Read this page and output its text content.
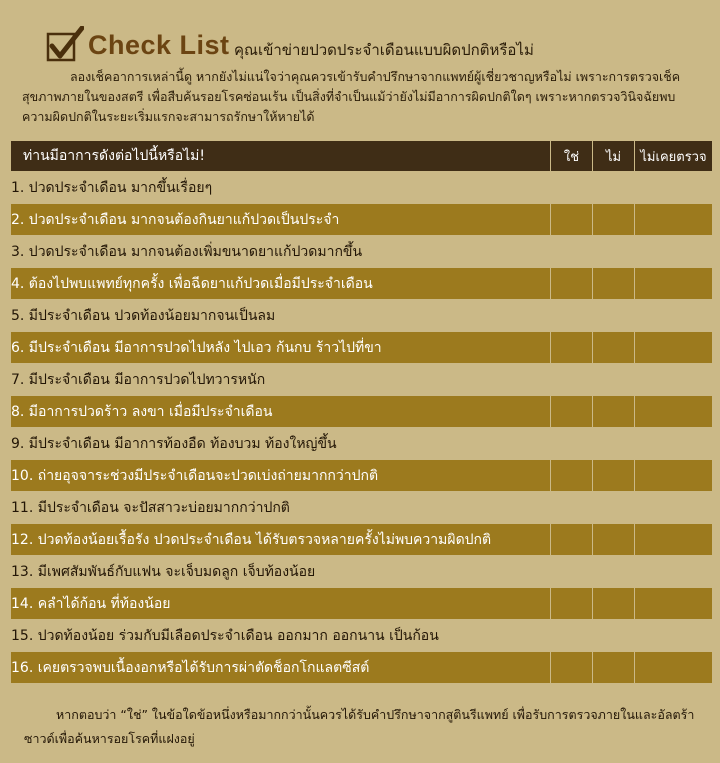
Check List คุณเข้าข่ายปวดประจำเดือนแบบผิดปกติหรือไม่
ลองเช็คอาการเหล่านี้ดู หากยังไม่แน่ใจว่าคุณควรเข้ารับคำปรึกษาจากแพทย์ผู้เชี่ยวชาญหรือไม่ เพราะการตรวจเช็คสุขภาพภายในของสตรี เพื่อสืบค้นรอยโรคซ่อนเร้น เป็นสิ่งที่จำเป็นแม้ว่ายังไม่มีอาการผิดปกติใดๆ เพราะหากตรวจวินิจฉัยพบความผิดปกติในระยะเริ่มแรกจะสามารถรักษาให้หายได้
ท่านมีอาการดังต่อไปนี้หรือไม่!	ใช่	ไม่	ไม่เคยตรวจ
1. ปวดประจำเดือน มากขึ้นเรื่อยๆ			
2. ปวดประจำเดือน มากจนต้องกินยาแก้ปวดเป็นประจำ			
3. ปวดประจำเดือน มากจนต้องเพิ่มขนาดยาแก้ปวดมากขึ้น			
4. ต้องไปพบแพทย์ทุกครั้ง เพื่อฉีดยาแก้ปวดเมื่อมีประจำเดือน			
5. มีประจำเดือน ปวดท้องน้อยมากจนเป็นลม			
6. มีประจำเดือน มีอาการปวดไปหลัง ไปเอว ก้นกบ ร้าวไปที่ขา			
7. มีประจำเดือน มีอาการปวดไปทวารหนัก			
8. มีอาการปวดร้าว ลงขา เมื่อมีประจำเดือน			
9. มีประจำเดือน มีอาการท้องอืด ท้องบวม ท้องใหญ่ขึ้น			
10. ถ่ายอุจจาระช่วงมีประจำเดือนจะปวดเบ่งถ่ายมากกว่าปกติ			
11. มีประจำเดือน จะปัสสาวะบ่อยมากกว่าปกติ			
12. ปวดท้องน้อยเรื้อรัง ปวดประจำเดือน ได้รับตรวจหลายครั้งไม่พบความผิดปกติ			
13. มีเพศสัมพันธ์กับแฟน จะเจ็บมดลูก เจ็บท้องน้อย			
14. คลำได้ก้อน ที่ท้องน้อย			
15. ปวดท้องน้อย ร่วมกับมีเลือดประจำเดือน ออกมาก ออกนาน เป็นก้อน			
16. เคยตรวจพบเนื้องอกหรือได้รับการผ่าตัดช็อกโกแลตซีสต์			
หากตอบว่า “ใช่” ในข้อใดข้อหนึ่งหรือมากกว่านั้นควรได้รับคำปรึกษาจากสูตินรีแพทย์ เพื่อรับการตรวจภายในและอัลตร้าซาวด์เพื่อค้นหารอยโรคที่แฝงอยู่
